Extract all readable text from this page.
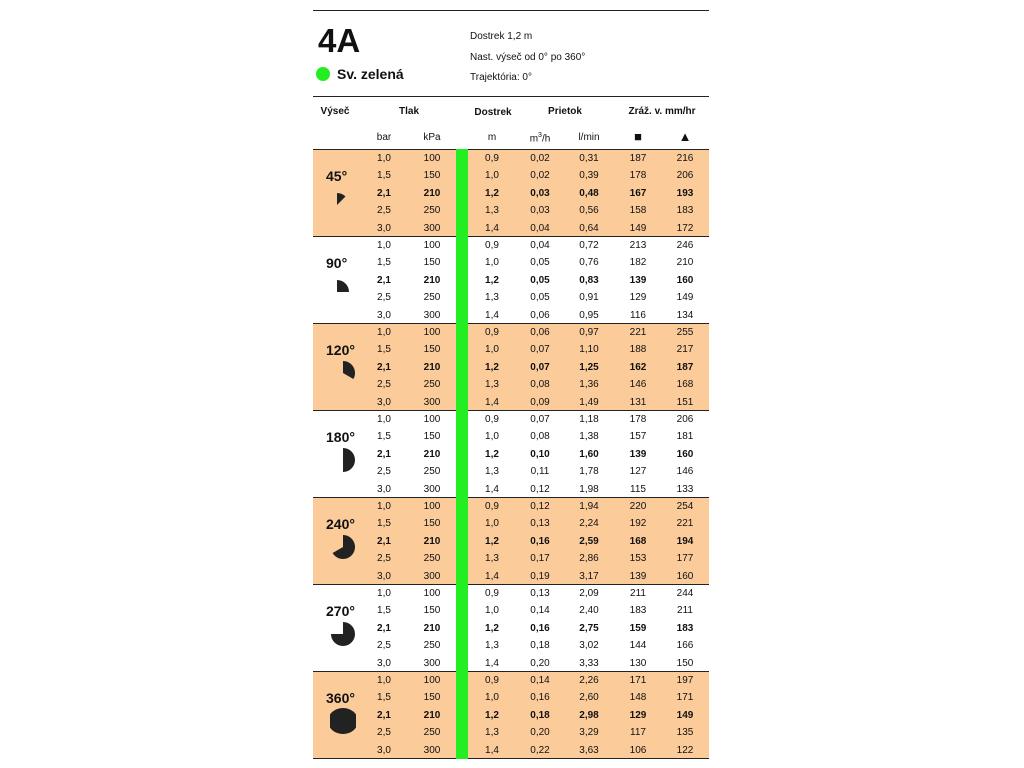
4A
Sv. zelená
Dostrek 1,2 m
Nast. výseč od 0° po 360°
Trajektória: 0°
Výseč	Tlak	Dostrek	Prietok	Zráž. v. mm/hr
bar	kPa	m	$m^3/h$	l/min	■	▲
45°
1,0	100	0,9	0,02	0,31	187	216
1,5	150	1,0	0,02	0,39	178	206
2,1	210	1,2	0,03	0,48	167	193
2,5	250	1,3	0,03	0,56	158	183
3,0	300	1,4	0,04	0,64	149	172
90°
1,0	100	0,9	0,04	0,72	213	246
1,5	150	1,0	0,05	0,76	182	210
2,1	210	1,2	0,05	0,83	139	160
2,5	250	1,3	0,05	0,91	129	149
3,0	300	1,4	0,06	0,95	116	134
120°
1,0	100	0,9	0,06	0,97	221	255
1,5	150	1,0	0,07	1,10	188	217
2,1	210	1,2	0,07	1,25	162	187
2,5	250	1,3	0,08	1,36	146	168
3,0	300	1,4	0,09	1,49	131	151
180°
1,0	100	0,9	0,07	1,18	178	206
1,5	150	1,0	0,08	1,38	157	181
2,1	210	1,2	0,10	1,60	139	160
2,5	250	1,3	0,11	1,78	127	146
3,0	300	1,4	0,12	1,98	115	133
240°
1,0	100	0,9	0,12	1,94	220	254
1,5	150	1,0	0,13	2,24	192	221
2,1	210	1,2	0,16	2,59	168	194
2,5	250	1,3	0,17	2,86	153	177
3,0	300	1,4	0,19	3,17	139	160
270°
1,0	100	0,9	0,13	2,09	211	244
1,5	150	1,0	0,14	2,40	183	211
2,1	210	1,2	0,16	2,75	159	183
2,5	250	1,3	0,18	3,02	144	166
3,0	300	1,4	0,20	3,33	130	150
360°
1,0	100	0,9	0,14	2,26	171	197
1,5	150	1,0	0,16	2,60	148	171
2,1	210	1,2	0,18	2,98	129	149
2,5	250	1,3	0,20	3,29	117	135
3,0	300	1,4	0,22	3,63	106	122
